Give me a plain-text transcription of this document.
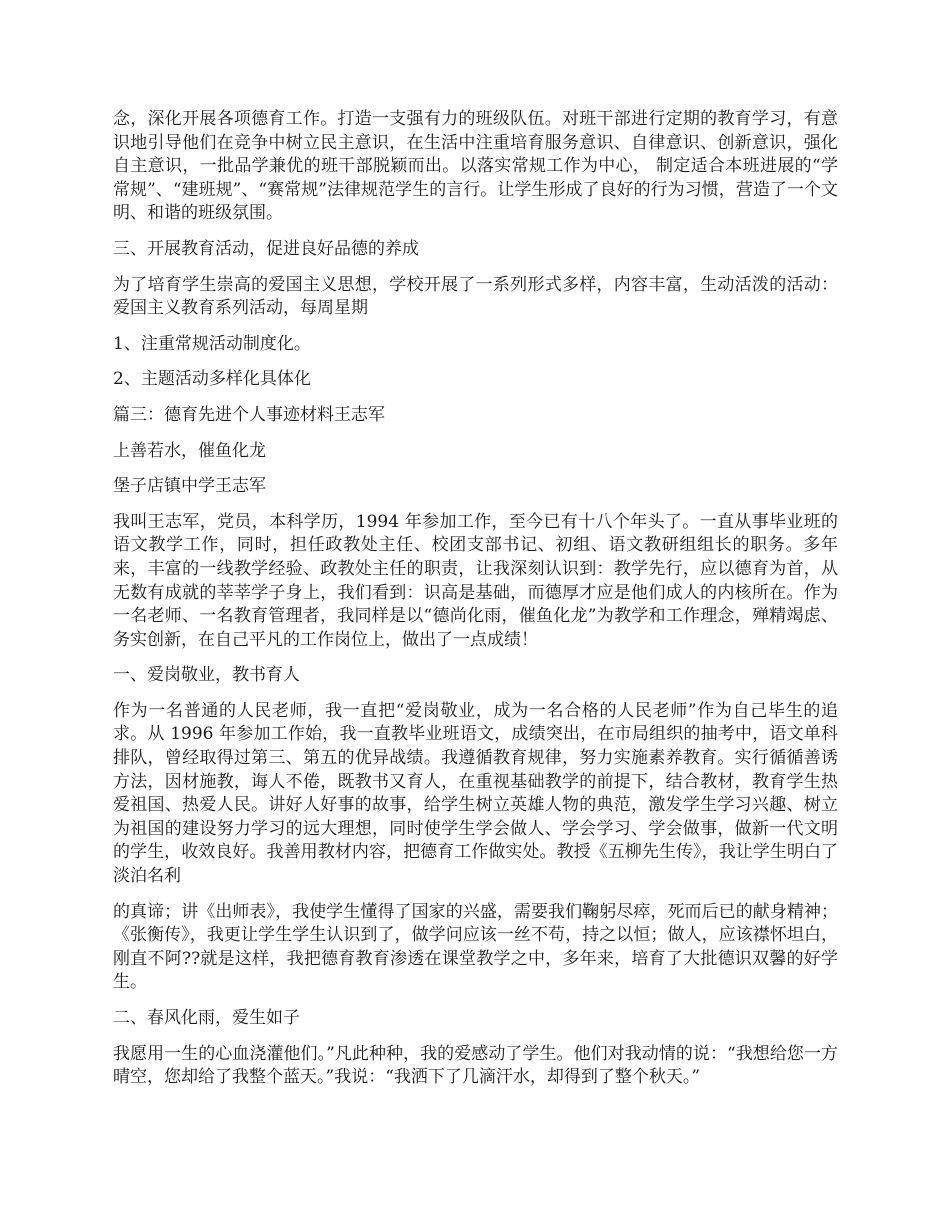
念，深化开展各项德育工作。打造一支强有力的班级队伍。对班干部进行定期的教育学习，有意识地引导他们在竞争中树立民主意识，在生活中注重培育服务意识、自律意识、创新意识，强化自主意识，一批品学兼优的班干部脱颖而出。以落实常规工作为中心， 制定适合本班进展的“学常规”、“建班规”、“赛常规”法律规范学生的言行。让学生形成了良好的行为习惯，营造了一个文明、和谐的班级氛围。

三、开展教育活动，促进良好品德的养成

为了培育学生崇高的爱国主义思想，学校开展了一系列形式多样，内容丰富，生动活泼的活动：爱国主义教育系列活动，每周星期

1、注重常规活动制度化。

2、主题活动多样化具体化

篇三：德育先进个人事迹材料王志军

上善若水，催鱼化龙

堡子店镇中学王志军

我叫王志军，党员，本科学历，1994 年参加工作，至今已有十八个年头了。一直从事毕业班的语文教学工作，同时，担任政教处主任、校团支部书记、初组、语文教研组组长的职务。多年来，丰富的一线教学经验、政教处主任的职责，让我深刻认识到：教学先行，应以德育为首，从无数有成就的莘莘学子身上，我们看到：识高是基础，而德厚才应是他们成人的内核所在。作为一名老师、一名教育管理者，我同样是以“德尚化雨，催鱼化龙”为教学和工作理念，殚精竭虑、务实创新，在自己平凡的工作岗位上，做出了一点成绩！

一、爱岗敬业，教书育人

作为一名普通的人民老师，我一直把“爱岗敬业，成为一名合格的人民老师”作为自己毕生的追求。从 1996 年参加工作始，我一直教毕业班语文，成绩突出，在市局组织的抽考中，语文单科排队，曾经取得过第三、第五的优异战绩。我遵循教育规律，努力实施素养教育。实行循循善诱方法，因材施教，诲人不倦，既教书又育人，在重视基础教学的前提下，结合教材，教育学生热爱祖国、热爱人民。讲好人好事的故事，给学生树立英雄人物的典范，激发学生学习兴趣、树立为祖国的建设努力学习的远大理想，同时使学生学会做人、学会学习、学会做事，做新一代文明的学生，收效良好。我善用教材内容，把德育工作做实处。教授《五柳先生传》，我让学生明白了淡泊名利

的真谛；讲《出师表》，我使学生懂得了国家的兴盛，需要我们鞠躬尽瘁，死而后已的献身精神；《张衡传》，我更让学生学生认识到了，做学问应该一丝不苟，持之以恒；做人，应该襟怀坦白，刚直不阿??就是这样，我把德育教育渗透在课堂教学之中，多年来，培育了大批德识双馨的好学生。

二、春风化雨，爱生如子

我愿用一生的心血浇灌他们。”凡此种种，我的爱感动了学生。他们对我动情的说：“我想给您一方晴空，您却给了我整个蓝天。”我说：“我洒下了几滴汗水，却得到了整个秋天。”
